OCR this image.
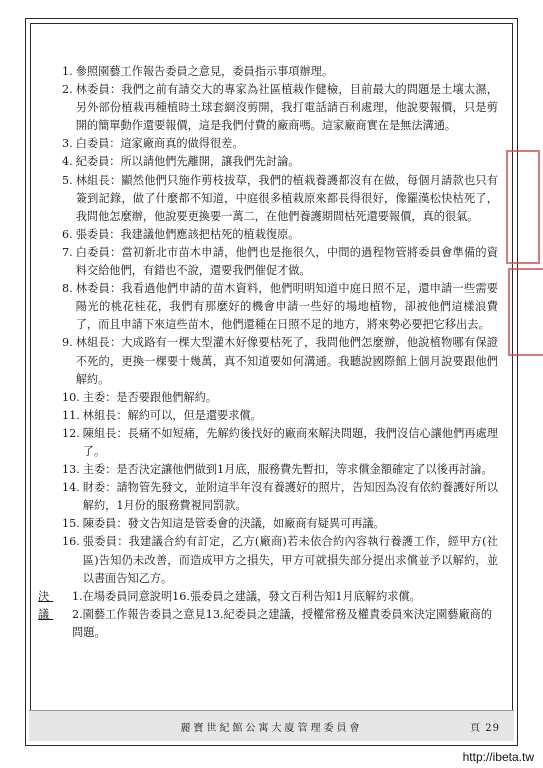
1. 參照園藝工作報告委員之意見，委員指示事項辦理。
2. 林委員：我們之前有請交大的專家為社區植栽作健檢，目前最大的問題是土壤太濕，另外部份植栽再種植時土球套網沒剪開，我打電話請百利處理，他說要報價，只是剪開的簡單動作還要報價，這是我們付費的廠商嗎。這家廠商實在是無法溝通。
3. 白委員：這家廠商真的做得很差。
4. 紀委員：所以請他們先離開，讓我們先討論。
5. 林組長：顯然他們只施作剪枝拔草，我們的植栽養護都沒有在做，每個月請款也只有簽到記錄，做了什麼都不知道，中庭很多植栽原來都長得很好，像羅漢松快枯死了，我問他怎麼辦，他說要更換要一萬二，在他們養護期間枯死還要報價，真的很氣。
6. 張委員：我建議他們應該把枯死的植栽復原。
7. 白委員：當初新北市苗木申請，他們也是拖很久，中間的過程物管將委員會準備的資料交給他們，有錯也不說，還要我們催促才做。
8. 林委員：我看過他們申請的苗木資料，他們明明知道中庭日照不足，還申請一些需要陽光的桃花桂花，我們有那麼好的機會申請一些好的場地植物，卻被他們這樣浪費了，而且申請下來這些苗木，他們還種在日照不足的地方，將來勢必要把它移出去。
9. 林組長：大成路有一棵大型灌木好像要枯死了，我問他們怎麼辦，他說植物哪有保證不死的，更換一棵要十幾萬，真不知道要如何溝通。我聽說國際館上個月說要跟他們解約。
10. 主委：是否要跟他們解約。
11. 林組長：解約可以，但是還要求償。
12. 陳組長：長痛不如短痛，先解約後找好的廠商來解決問題，我們沒信心讓他們再處理了。
13. 主委：是否決定讓他們做到1月底，服務費先暫扣，等求償金額確定了以後再討論。
14. 財委：請物管先發文，並附這半年沒有養護好的照片，告知因為沒有依約養護好所以解約，1月份的服務費視同罰款。
15. 陳委員：發文告知這是管委會的決議，如廠商有疑異可再議。
16. 張委員：我建議合約有訂定，乙方(廠商)若未依合約內容執行養護工作，經甲方(社區)告知仍未改善，而造成甲方之損失，甲方可就損失部分提出求償並予以解約，並以書面告知乙方。
決議
1.在場委員同意說明16.張委員之建議，發文百利告知1月底解約求償。
2.園藝工作報告委員之意見13.紀委員之建議，授權常務及權責委員來決定園藝廠商的問題。
麗寶世紀館公寓大廈管理委員會	頁 29
http://ibeta.tw
